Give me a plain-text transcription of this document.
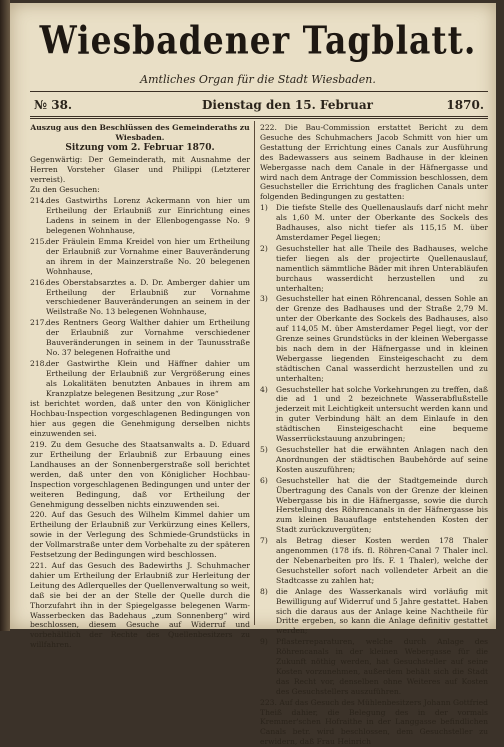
Wiesbadener Tagblatt.
Amtliches Organ für die Stadt Wiesbaden.
№ 38.	Dienstag den 15. Februar	1870.

Auszug aus den Beschlüssen des Gemeinderaths zu Wiesbaden.

Sitzung vom 2. Februar 1870.

Gegenwärtig: Der Gemeinderath, mit Ausnahme der Herren Vorsteher Glaser und Philippi (Letzterer verreist).

Zu den Gesuchen:

214.des Gastwirths Lorenz Ackermann von hier um Ertheilung der Erlaubniß zur Einrichtung eines Ladens in seinem in der Ellenbogengasse No. 9 belegenen Wohnhause,

215.der Fräulein Emma Kreidel von hier um Ertheilung der Erlaubniß zur Vornahme einer Bauveränderung an ihrem in der Mainzerstraße No. 20 belegenen Wohnhause,

216.des Oberstabsarztes a. D. Dr. Amberger dahier um Ertheilung der Erlaubniß zur Vornahme verschiedener Bauveränderungen an seinem in der Weilstraße No. 13 belegenen Wohnhause,

217.des Rentners Georg Walther dahier um Ertheilung der Erlaubniß zur Vornahme verschiedener Bauveränderungen in seinem in der Taunusstraße No. 37 belegenen Hofraithe und

218.der Gastwirthe Klein und Häffner dahier um Ertheilung der Erlaubniß zur Vergrößerung eines als Lokalitäten benutzten Anbaues in ihrem am Kranzplatze belegenen Besitzung „zur Rose“

ist berichtet worden, daß unter den von Königlicher Hochbau-Inspection vorgeschlagenen Bedingungen von hier aus gegen die Genehmigung derselben nichts einzuwenden sei.

219. Zu dem Gesuche des Staatsanwalts a. D. Eduard zur Ertheilung der Erlaubniß zur Erbauung eines Landhauses an der Sonnenbergerstraße soll berichtet werden, daß unter den von Königlicher Hochbau-Inspection vorgeschlagenen Bedingungen und unter der weiteren Bedingung, daß vor Ertheilung der Genehmigung desselben nichts einzuwenden sei.

220. Auf das Gesuch des Wilhelm Kimmel dahier um Ertheilung der Erlaubniß zur Verkürzung eines Kellers, sowie in der Verlegung des Schmiede-Grundstücks in der Vollmarstraße unter dem Vorbehalte zu der späteren Festsetzung der Bedingungen wird beschlossen.

221. Auf das Gesuch des Badewirths J. Schuhmacher dahier um Ertheilung der Erlaubniß zur Herleitung der Leitung des Adlerquelles der Quellenverwaltung so weit, daß sie bei der an der Stelle der Quelle durch die Thorzufahrt ihn in der Spiegelgasse belegenen Warm-Wasserbecken das Badehaus „zum Sonnenberg“ wird beschlossen, diesem Gesuche auf Widerruf und vorbehältlich der Rechte des Quellenbesitzers zu willfahren.

222. Die Bau-Commission erstattet Bericht zu dem Gesuche des Schuhmachers Jacob Schmitt von hier um Gestattung der Errichtung eines Canals zur Ausführung des Badewassers aus seinem Badhause in der kleinen Webergasse nach dem Canale in der Häfnergasse und wird nach dem Antrage der Commission beschlossen, dem Gesuchsteller die Errichtung des fraglichen Canals unter folgenden Bedingungen zu gestatten:

1) Die tiefste Stelle des Quellenauslaufs darf nicht mehr als 1,60 M. unter der Oberkante des Sockels des Badhauses, also nicht tiefer als 115,15 M. über Amsterdamer Pegel liegen;

2) Gesuchsteller hat alle Theile des Badhauses, welche tiefer liegen als der projectirte Quellenauslauf, namentlich sämmtliche Bäder mit ihren Unterabläufen burchaus wasserdicht herzustellen und zu unterhalten;

3) Gesuchsteller hat einen Röhrencanal, dessen Sohle an der Grenze des Badhauses und der Straße 2,79 M. unter der Oberkante des Sockels des Badhauses, also auf 114,05 M. über Amsterdamer Pegel liegt, vor der Grenze seines Grundstücks in der kleinen Webergasse bis nach dem in der Häfnergasse und in kleinen Webergasse liegenden Einsteigeschacht zu dem städtischen Canal wasserdicht herzustellen und zu unterhalten;

4) Gesuchsteller hat solche Vorkehrungen zu treffen, daß die ad 1 und 2 bezeichnete Wasserabflußstelle jederzeit mit Leichtigkeit untersucht werden kann und in guter Verbindung hält an dem Einlaufe in den städtischen Einsteigeschacht eine bequeme Wasserrückstauung anzubringen;

5) Gesuchsteller hat die erwähnten Anlagen nach den Anordnungen der städtischen Baubehörde auf seine Kosten auszuführen;

6) Gesuchsteller hat die der Stadtgemeinde durch Übertragung des Canals von der Grenze der kleinen Webergasse bis in die Häfnergasse, sowie die durch Herstellung des Röhrencanals in der Häfnergasse bis zum kleinen Bauauflage entstehenden Kosten der Stadt zurückzuvergüten;

7) als Betrag dieser Kosten werden 178 Thaler angenommen (178 ifs. fl. Röhren-Canal 7 Thaler incl. der Nebenarbeiten pro lfs. F. 1 Thaler), welche der Gesuchsteller sofort nach vollendeter Arbeit an die Stadtcasse zu zahlen hat;

8) die Anlage des Wasserkanals wird vorläufig mit Bewilligung auf Widerruf und 5 Jahre gestattet. Haben sich die daraus aus der Anlage keine Nachtheile für Dritte ergeben, so kann die Anlage definitiv gestattet werden;

9) Pflasterreparaturen, welche durch Anlage des Röhrencanals in der kleinen Webergasse für die Zukunft nöthig werden, hat Gesuchsteller auf seine Kosten vorzunehmen, außerdem behält sich die Stadt das Recht vor, denselben ohne Weiteres auf Kosten des Gesuchstellers auszuführen.

223. Auf das Gesuch des Mühlenbesitzers Johann Gottfried Theiß dahier, die Belegung des in der vormals Kremmer'schen Hofraithe in der Langgasse befindlichen Canals betr. wird beschlossen, dem Gesuchsteller zu erwidern, daß Frau Heinrich
